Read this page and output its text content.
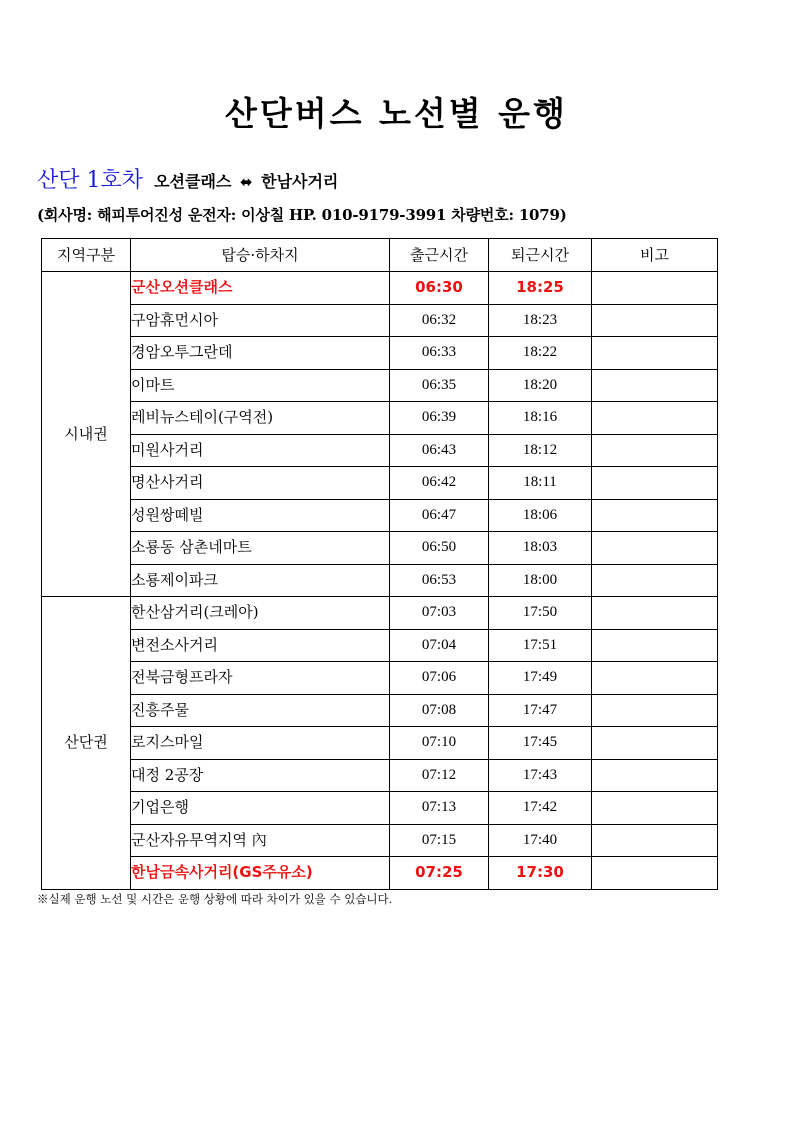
산단버스 노선별 운행
산단 1호차 오션클래스 ⬌ 한남사거리
(회사명: 해피투어진성 운전자: 이상칠 HP. 010-9179-3991 차량번호: 1079)
지역구분	탑승·하차지	출근시간	퇴근시간	비고
시내권	군산오션클래스	06:30	18:25	
	구암휴먼시아	06:32	18:23	
	경암오투그란데	06:33	18:22	
	이마트	06:35	18:20	
	레비뉴스테이(구역전)	06:39	18:16	
	미원사거리	06:43	18:12	
	명산사거리	06:42	18:11	
	성원쌍떼빌	06:47	18:06	
	소룡동 삼촌네마트	06:50	18:03	
	소룡제이파크	06:53	18:00	
산단권	한산삼거리(크레아)	07:03	17:50	
	변전소사거리	07:04	17:51	
	전북금형프라자	07:06	17:49	
	진흥주물	07:08	17:47	
	로지스마일	07:10	17:45	
	대정 2공장	07:12	17:43	
	기업은행	07:13	17:42	
	군산자유무역지역 內	07:15	17:40	
	한남금속사거리(GS주유소)	07:25	17:30	
※실제 운행 노선 및 시간은 운행 상황에 따라 차이가 있을 수 있습니다.
